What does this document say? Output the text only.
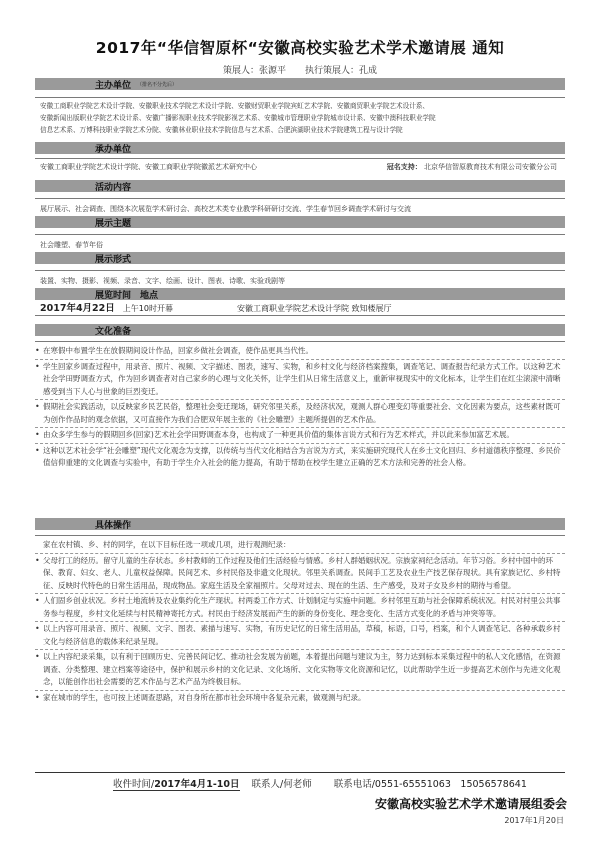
2017年“华信智原杯“安徽高校实验艺术学术邀请展 通知
策展人：张源平 执行策展人：孔成
主办单位 （排名不分先后）
安徽工商职业学院艺术设计学院、安徽职业技术学院艺术设计学院、安徽财贸职业学院宾虹艺术学院、安徽商贸职业学院艺术设计系、
安徽新闻出版职业学院艺术设计系、安徽广播影视职业技术学院影视艺术系、安徽城市管理职业学院城市设计系、安徽中澳科技职业学院
信息艺术系、万博科技职业学院艺术分院、安徽林业职业技术学院信息与艺术系、合肥滨湖职业技术学院建筑工程与设计学院
承办单位
安徽工商职业学院艺术设计学院、安徽工商职业学院徽派艺术研究中心	冠名支持： 北京华信智原教育技术有限公司安徽分公司
活动内容
展厅展示、社会调查、围绕本次展览学术研讨会、高校艺术类专业教学科研研讨交流、学生春节回乡调查学术研讨与交流
展示主题
社会雕塑、春节年俗
展示形式
装置、实物、摄影、视频、录音、文字、绘画、设计、图表、诗歌、实验戏剧等
展览时间　地点
2017年4月22日 上午10时开幕	安徽工商职业学院艺术设计学院 致知楼展厅
文化准备
• 在寒假中布置学生在放假期间设计作品，回家乡做社会调查，使作品更具当代性。
• 学生回家乡调查过程中，用录音、照片、视频、文字描述、图表，速写、实物，和乡村文化与经济档案搜集，调查笔记、调查报告纪录方式工作。以这种艺术社会学田野调查方式，作为回乡调查者对自己家乡的心理与文化关怀，让学生们从日常生活意义上，重新审视现实中的文化标本，让学生们在红尘滚滚中清晰感受到当下人心与世象的巨烈变迁。
• 假期社会实践活动，以反映家乡民艺民俗，整理社会变迁现场，研究邻里关系，及经济状况，观测人群心理变幻等重要社会、文化因素为要点，这些素材既可为创作作品时的观念依据，又可直接作为我们合肥双年展主张的《社会雕塑》主题所提倡的艺术作品。
• 由众多学生参与的假期回乡(回家)艺术社会学田野调查本身，也构成了一种更具价值的集体言说方式和行为艺术样式，并以此来参加富艺术展。
• 这种以艺术社会学“社会雕塑”现代文化观念为支撑，以传统与当代文化相结合为言说为方式，来实施研究现代人在乡土文化回归、乡村道德秩序整理、乡民价值信仰重建的文化调查与实验中，有助于学生介入社会的能力提高，有助于帮助在校学生建立正确的艺术方法和完善的社会人格。
具体操作
家在农村镇、乡、村的同学，在以下目标任选一项或几项，进行观测纪录：
• 父母打工的经历。留守儿童的生存状态。乡村教师的工作过程及他们生活经验与情感。乡村人群婚姻状况。宗族家祠纪念活动。年节习俗。乡村中国中的环保、教育、妇女、老人、儿童权益保障。民间艺术、乡村民俗及非遗文化现状。邻里关系调查。民间手工艺及农业生产技艺保存现状。具有家族记忆、乡村特征、反映时代特色的日常生活用品，现成物品。家庭生活及全家福照片。父母对过去、现在的生活、生产感受，及对子女及乡村的期待与希望。
• 人们固乡创业状况。乡村土地流转及农业集约化生产现状。村两委工作方式、计划制定与实施中问题。乡村邻里互助与社会保障系统状况。村民对村里公共事务参与程度，乡村文化延续与村民精神寄托方式。村民由于经济发展而产生的新的身份变化、理念变化、生活方式变化的矛盾与冲突等等。
• 以上内容可用录音、照片、视频、文字、图表、素描与速写、实物，有历史记忆的日常生活用品，草稿，标语，口号，档案，和个人调查笔记、各种承载乡村文化与经济信息的载体来纪录呈现。
• 以上内容纪录采集，以有利于回顾历史、完善民间记忆、推动社会发展为前题，本着提出问题与建议为主，努力达到标本采集过程中的私人文化感悟，在资源调查、分类整理、建立档案等途径中，保护和展示乡村的文化记录、文化场所、文化实物等文化资源和记忆，以此帮助学生近一步提高艺术创作与先进文化观念，以能创作出社会需要的艺术作品与艺术产品为终极目标。
• 家在城市的学生，也可按上述调查思路，对自身所在都市社会环境中各复杂元素，做观测与纪录。
收件时间/2017年4月1-10日 联系人/何老师 联系电话/0551-65551063　15056578641
安徽高校实验艺术学术邀请展组委会
2017年1月20日
